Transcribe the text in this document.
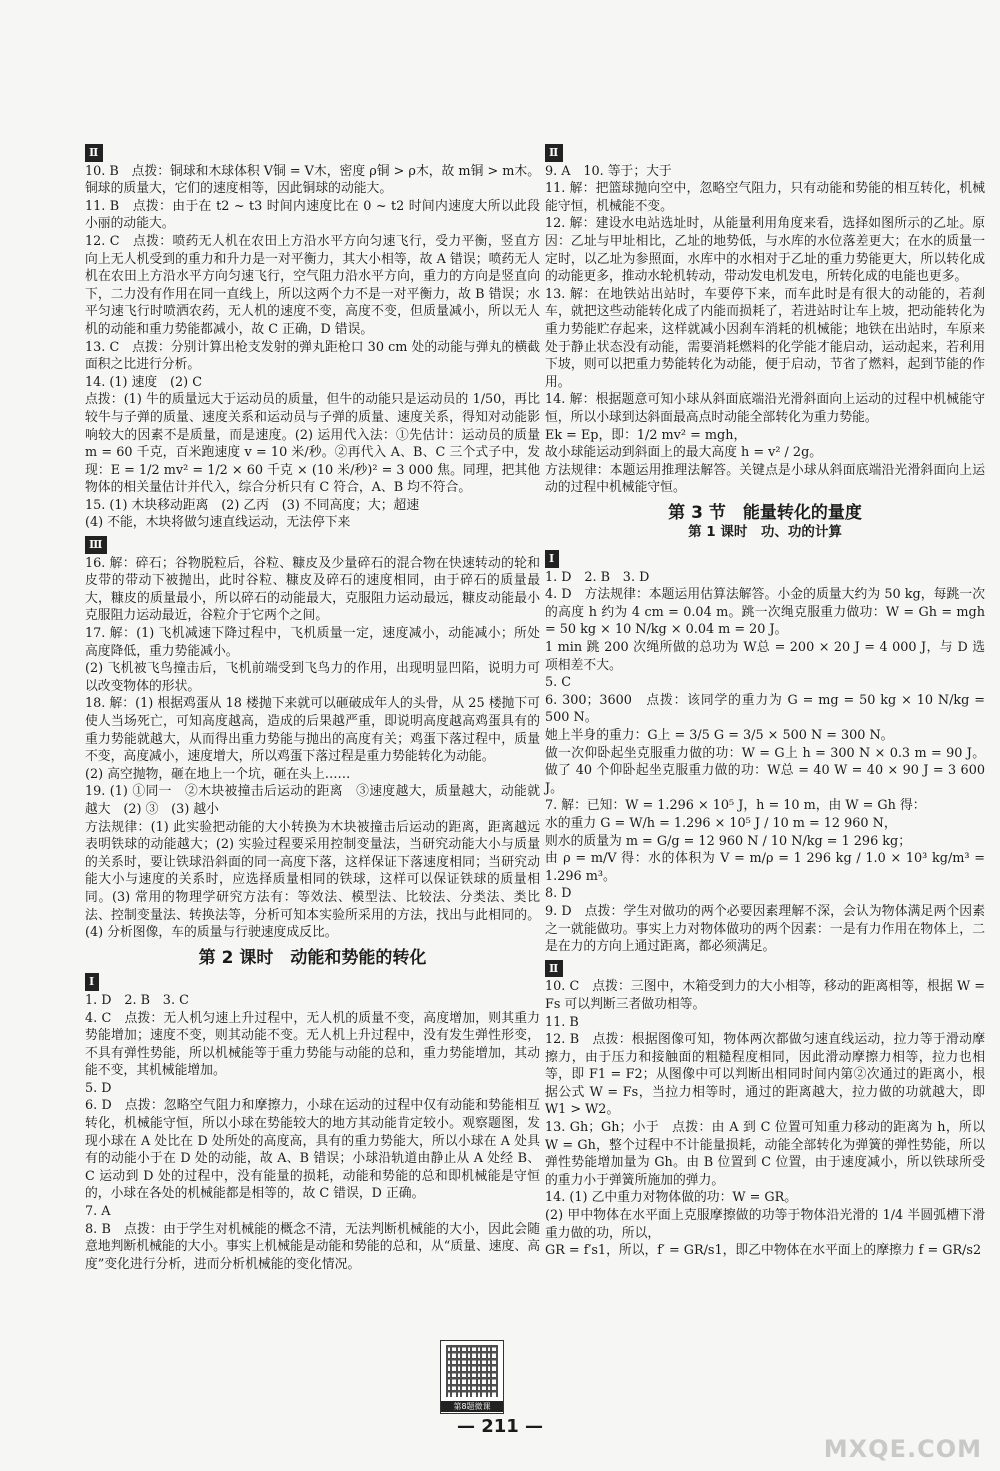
Ⅱ
10. B　点拨：铜球和木球体积 V铜 = V木，密度 ρ铜 > ρ木，故 m铜 > m木。铜球的质量大，它们的速度相等，因此铜球的动能大。
11. B　点拨：由于在 t2 ~ t3 时间内速度比在 0 ~ t2 时间内速度大所以此段小丽的动能大。
12. C　点拨：喷药无人机在农田上方沿水平方向匀速飞行，受力平衡，竖直方向上无人机受到的重力和升力是一对平衡力，其大小相等，故 A 错误；喷药无人机在农田上方沿水平方向匀速飞行，空气阻力沿水平方向，重力的方向是竖直向下，二力没有作用在同一直线上，所以这两个力不是一对平衡力，故 B 错误；水平匀速飞行时喷洒农药，无人机的速度不变，高度不变，但质量减小，所以无人机的动能和重力势能都减小，故 C 正确，D 错误。
13. C　点拨：分别计算出枪支发射的弹丸距枪口 30 cm 处的动能与弹丸的横截面积之比进行分析。
14. (1) 速度　(2) C
点拨：(1) 牛的质量远大于运动员的质量，但牛的动能只是运动员的 1/50，再比较牛与子弹的质量、速度关系和运动员与子弹的质量、速度关系，得知对动能影响较大的因素不是质量，而是速度。(2) 运用代入法：①先估计：运动员的质量 m = 60 千克，百米跑速度 v = 10 米/秒。②再代入 A、B、C 三个式子中，发现：E = 1/2 mv² = 1/2 × 60 千克 × (10 米/秒)² = 3 000 焦。同理，把其他物体的相关量估计并代入，综合分析只有 C 符合，A、B 均不符合。
15. (1) 木块移动距离　(2) 乙丙　(3) 不同高度；大；超速
(4) 不能，木块将做匀速直线运动，无法停下来
Ⅲ
16. 解：碎石；谷物脱粒后，谷粒、糠皮及少量碎石的混合物在快速转动的轮和皮带的带动下被抛出，此时谷粒、糠皮及碎石的速度相同，由于碎石的质量最大，糠皮的质量最小，所以碎石的动能最大，克服阻力运动最远，糠皮动能最小克服阻力运动最近，谷粒介于它两个之间。
17. 解：(1) 飞机减速下降过程中，飞机质量一定，速度减小，动能减小；所处高度降低，重力势能减小。
(2) 飞机被飞鸟撞击后，飞机前端受到飞鸟力的作用，出现明显凹陷，说明力可以改变物体的形状。
18. 解：(1) 根据鸡蛋从 18 楼抛下来就可以砸破成年人的头骨，从 25 楼抛下可使人当场死亡，可知高度越高，造成的后果越严重，即说明高度越高鸡蛋具有的重力势能就越大，从而得出重力势能与抛出的高度有关；鸡蛋下落过程中，质量不变，高度减小，速度增大，所以鸡蛋下落过程是重力势能转化为动能。
(2) 高空抛物，砸在地上一个坑，砸在头上……
19. (1) ①同一　②木块被撞击后运动的距离　③速度越大，质量越大，动能就越大　(2) ③　(3) 越小
方法规律：(1) 此实验把动能的大小转换为木块被撞击后运动的距离，距离越远表明铁球的动能越大；(2) 实验过程要采用控制变量法，当研究动能大小与质量的关系时，要让铁球沿斜面的同一高度下落，这样保证下落速度相同；当研究动能大小与速度的关系时，应选择质量相同的铁球，这样可以保证铁球的质量相同。(3) 常用的物理学研究方法有：等效法、模型法、比较法、分类法、类比法、控制变量法、转换法等，分析可知本实验所采用的方法，找出与此相同的。(4) 分析图像，车的质量与行驶速度成反比。
第 2 课时　动能和势能的转化
Ⅰ
1. D　2. B　3. C
4. C　点拨：无人机匀速上升过程中，无人机的质量不变，高度增加，则其重力势能增加；速度不变，则其动能不变。无人机上升过程中，没有发生弹性形变，不具有弹性势能，所以机械能等于重力势能与动能的总和，重力势能增加，其动能不变，其机械能增加。
5. D
6. D　点拨：忽略空气阻力和摩擦力，小球在运动的过程中仅有动能和势能相互转化，机械能守恒，所以小球在势能较大的地方其动能肯定较小。观察题图，发现小球在 A 处比在 D 处所处的高度高，具有的重力势能大，所以小球在 A 处具有的动能小于在 D 处的动能，故 A、B 错误；小球沿轨道由静止从 A 处经 B、C 运动到 D 处的过程中，没有能量的损耗，动能和势能的总和即机械能是守恒的，小球在各处的机械能都是相等的，故 C 错误，D 正确。
7. A
8. B　点拨：由于学生对机械能的概念不清，无法判断机械能的大小，因此会随意地判断机械能的大小。事实上机械能是动能和势能的总和，从“质量、速度、高度”变化进行分析，进而分析机械能的变化情况。
Ⅱ
9. A　10. 等于；大于
11. 解：把篮球抛向空中，忽略空气阻力，只有动能和势能的相互转化，机械能守恒，机械能不变。
12. 解：建设水电站选址时，从能量利用角度来看，选择如图所示的乙址。原因：乙址与甲址相比，乙址的地势低，与水库的水位落差更大；在水的质量一定时，以乙址为参照面，水库中的水相对于乙址的重力势能更大，所以转化成的动能更多，推动水轮机转动，带动发电机发电，所转化成的电能也更多。
13. 解：在地铁站出站时，车要停下来，而车此时是有很大的动能的，若刹车，就把这些动能转化成了内能而损耗了，若进站时让车上坡，把动能转化为重力势能贮存起来，这样就减小因刹车消耗的机械能；地铁在出站时，车原来处于静止状态没有动能，需要消耗燃料的化学能才能启动，运动起来，若利用下坡，则可以把重力势能转化为动能，便于启动，节省了燃料，起到节能的作用。
14. 解：根据题意可知小球从斜面底端沿光滑斜面向上运动的过程中机械能守恒，所以小球到达斜面最高点时动能全部转化为重力势能。
Ek = Ep，即：1/2 mv² = mgh，
故小球能运动到斜面上的最大高度 h = v² / 2g。
方法规律：本题运用推理法解答。关键点是小球从斜面底端沿光滑斜面向上运动的过程中机械能守恒。
第 3 节　能量转化的量度
第 1 课时　功、功的计算
Ⅰ
1. D　2. B　3. D
4. D　方法规律：本题运用估算法解答。小金的质量大约为 50 kg，每跳一次的高度 h 约为 4 cm = 0.04 m。跳一次绳克服重力做功：W = Gh = mgh = 50 kg × 10 N/kg × 0.04 m = 20 J。
1 min 跳 200 次绳所做的总功为 W总 = 200 × 20 J = 4 000 J，与 D 选项相差不大。
5. C
6. 300；3600　点拨：该同学的重力为 G = mg = 50 kg × 10 N/kg = 500 N。
她上半身的重力：G上 = 3/5 G = 3/5 × 500 N = 300 N。
做一次仰卧起坐克服重力做的功：W = G上 h = 300 N × 0.3 m = 90 J。做了 40 个仰卧起坐克服重力做的功：W总 = 40 W = 40 × 90 J = 3 600 J。
7. 解：已知：W = 1.296 × 10⁵ J，h = 10 m，由 W = Gh 得：
水的重力 G = W/h = 1.296 × 10⁵ J / 10 m = 12 960 N，
则水的质量为 m = G/g = 12 960 N / 10 N/kg = 1 296 kg；
由 ρ = m/V 得：水的体积为 V = m/ρ = 1 296 kg / 1.0 × 10³ kg/m³ = 1.296 m³。
8. D
9. D　点拨：学生对做功的两个必要因素理解不深，会认为物体满足两个因素之一就能做功。事实上力对物体做功的两个因素：一是有力作用在物体上，二是在力的方向上通过距离，都必须满足。
Ⅱ
10. C　点拨：三图中，木箱受到力的大小相等，移动的距离相等，根据 W = Fs 可以判断三者做功相等。
11. B
12. B　点拨：根据图像可知，物体两次都做匀速直线运动，拉力等于滑动摩擦力，由于压力和接触面的粗糙程度相同，因此滑动摩擦力相等，拉力也相等，即 F1 = F2；从图像中可以判断出相同时间内第②次通过的距离小，根据公式 W = Fs，当拉力相等时，通过的距离越大，拉力做的功就越大，即 W1 > W2。
13. Gh；Gh；小于　点拨：由 A 到 C 位置可知重力移动的距离为 h，所以 W = Gh，整个过程中不计能量损耗，动能全部转化为弹簧的弹性势能，所以弹性势能增加量为 Gh。由 B 位置到 C 位置，由于速度减小，所以铁球所受的重力小于弹簧所施加的弹力。
14. (1) 乙中重力对物体做的功：W = GR。
(2) 甲中物体在水平面上克服摩擦做的功等于物体沿光滑的 1/4 半圆弧槽下滑重力做的功，所以，
GR = f′s1，所以，f′ = GR/s1，即乙中物体在水平面上的摩擦力 f = GR/s2
第8题微课
— 211 —
MXQE.COM
